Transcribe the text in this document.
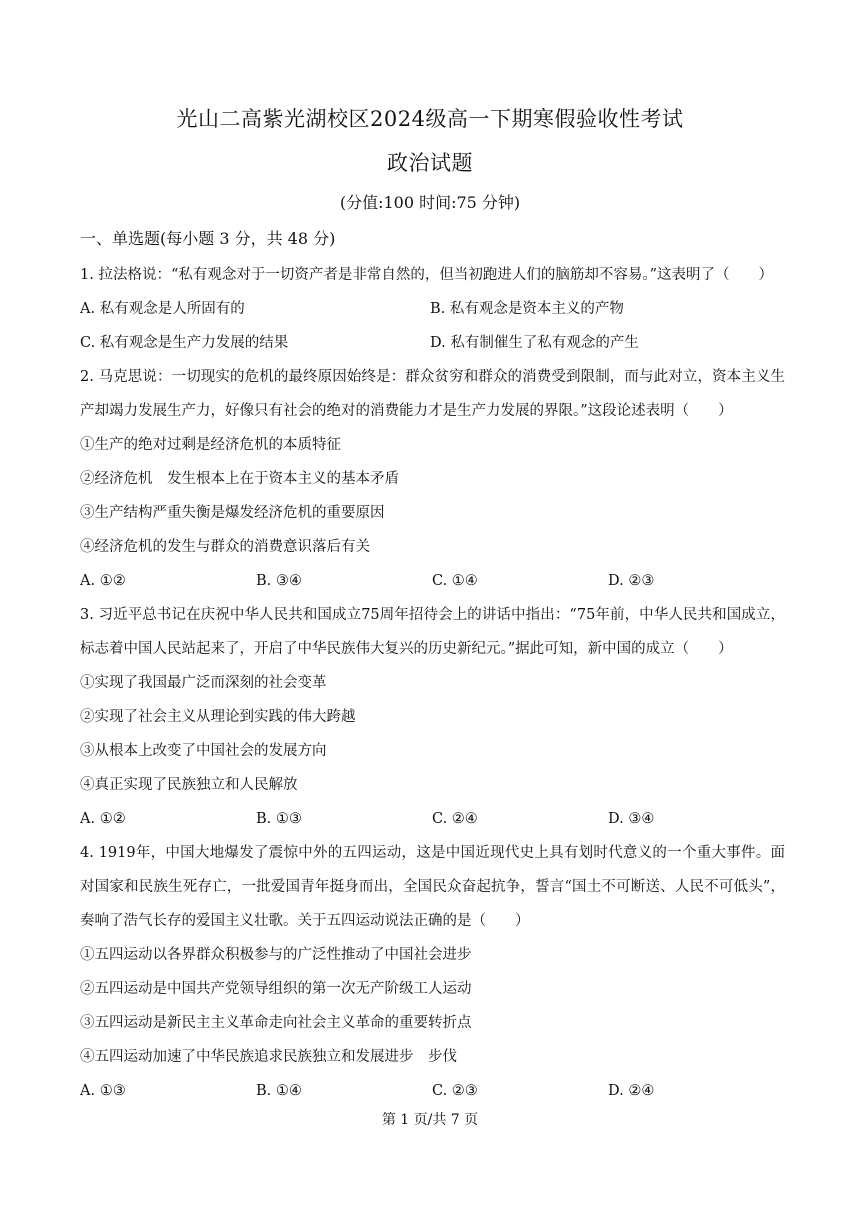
光山二高紫光湖校区2024级高一下期寒假验收性考试
政治试题
(分值:100 时间:75 分钟)
一、单选题(每小题 3 分，共 48 分)
1. 拉法格说：“私有观念对于一切资产者是非常自然的，但当初跑进人们的脑筋却不容易。”这表明了（　　）
A. 私有观念是人所固有的	B. 私有观念是资本主义的产物
C. 私有观念是生产力发展的结果	D. 私有制催生了私有观念的产生
2. 马克思说：一切现实的危机的最终原因始终是：群众贫穷和群众的消费受到限制，而与此对立，资本主义生产却竭力发展生产力，好像只有社会的绝对的消费能力才是生产力发展的界限。”这段论述表明（　　）
①生产的绝对过剩是经济危机的本质特征
②经济危机　发生根本上在于资本主义的基本矛盾
③生产结构严重失衡是爆发经济危机的重要原因
④经济危机的发生与群众的消费意识落后有关
A. ①②	B. ③④	C. ①④	D. ②③
3. 习近平总书记在庆祝中华人民共和国成立75周年招待会上的讲话中指出：“75年前，中华人民共和国成立，标志着中国人民站起来了，开启了中华民族伟大复兴的历史新纪元。”据此可知，新中国的成立（　　）
①实现了我国最广泛而深刻的社会变革
②实现了社会主义从理论到实践的伟大跨越
③从根本上改变了中国社会的发展方向
④真正实现了民族独立和人民解放
A. ①②	B. ①③	C. ②④	D. ③④
4. 1919年，中国大地爆发了震惊中外的五四运动，这是中国近现代史上具有划时代意义的一个重大事件。面对国家和民族生死存亡，一批爱国青年挺身而出，全国民众奋起抗争，誓言“国土不可断送、人民不可低头”，奏响了浩气长存的爱国主义壮歌。关于五四运动说法正确的是（　　）
①五四运动以各界群众积极参与的广泛性推动了中国社会进步
②五四运动是中国共产党领导组织的第一次无产阶级工人运动
③五四运动是新民主主义革命走向社会主义革命的重要转折点
④五四运动加速了中华民族追求民族独立和发展进步　步伐
A. ①③	B. ①④	C. ②③	D. ②④
第 1 页/共 7 页
